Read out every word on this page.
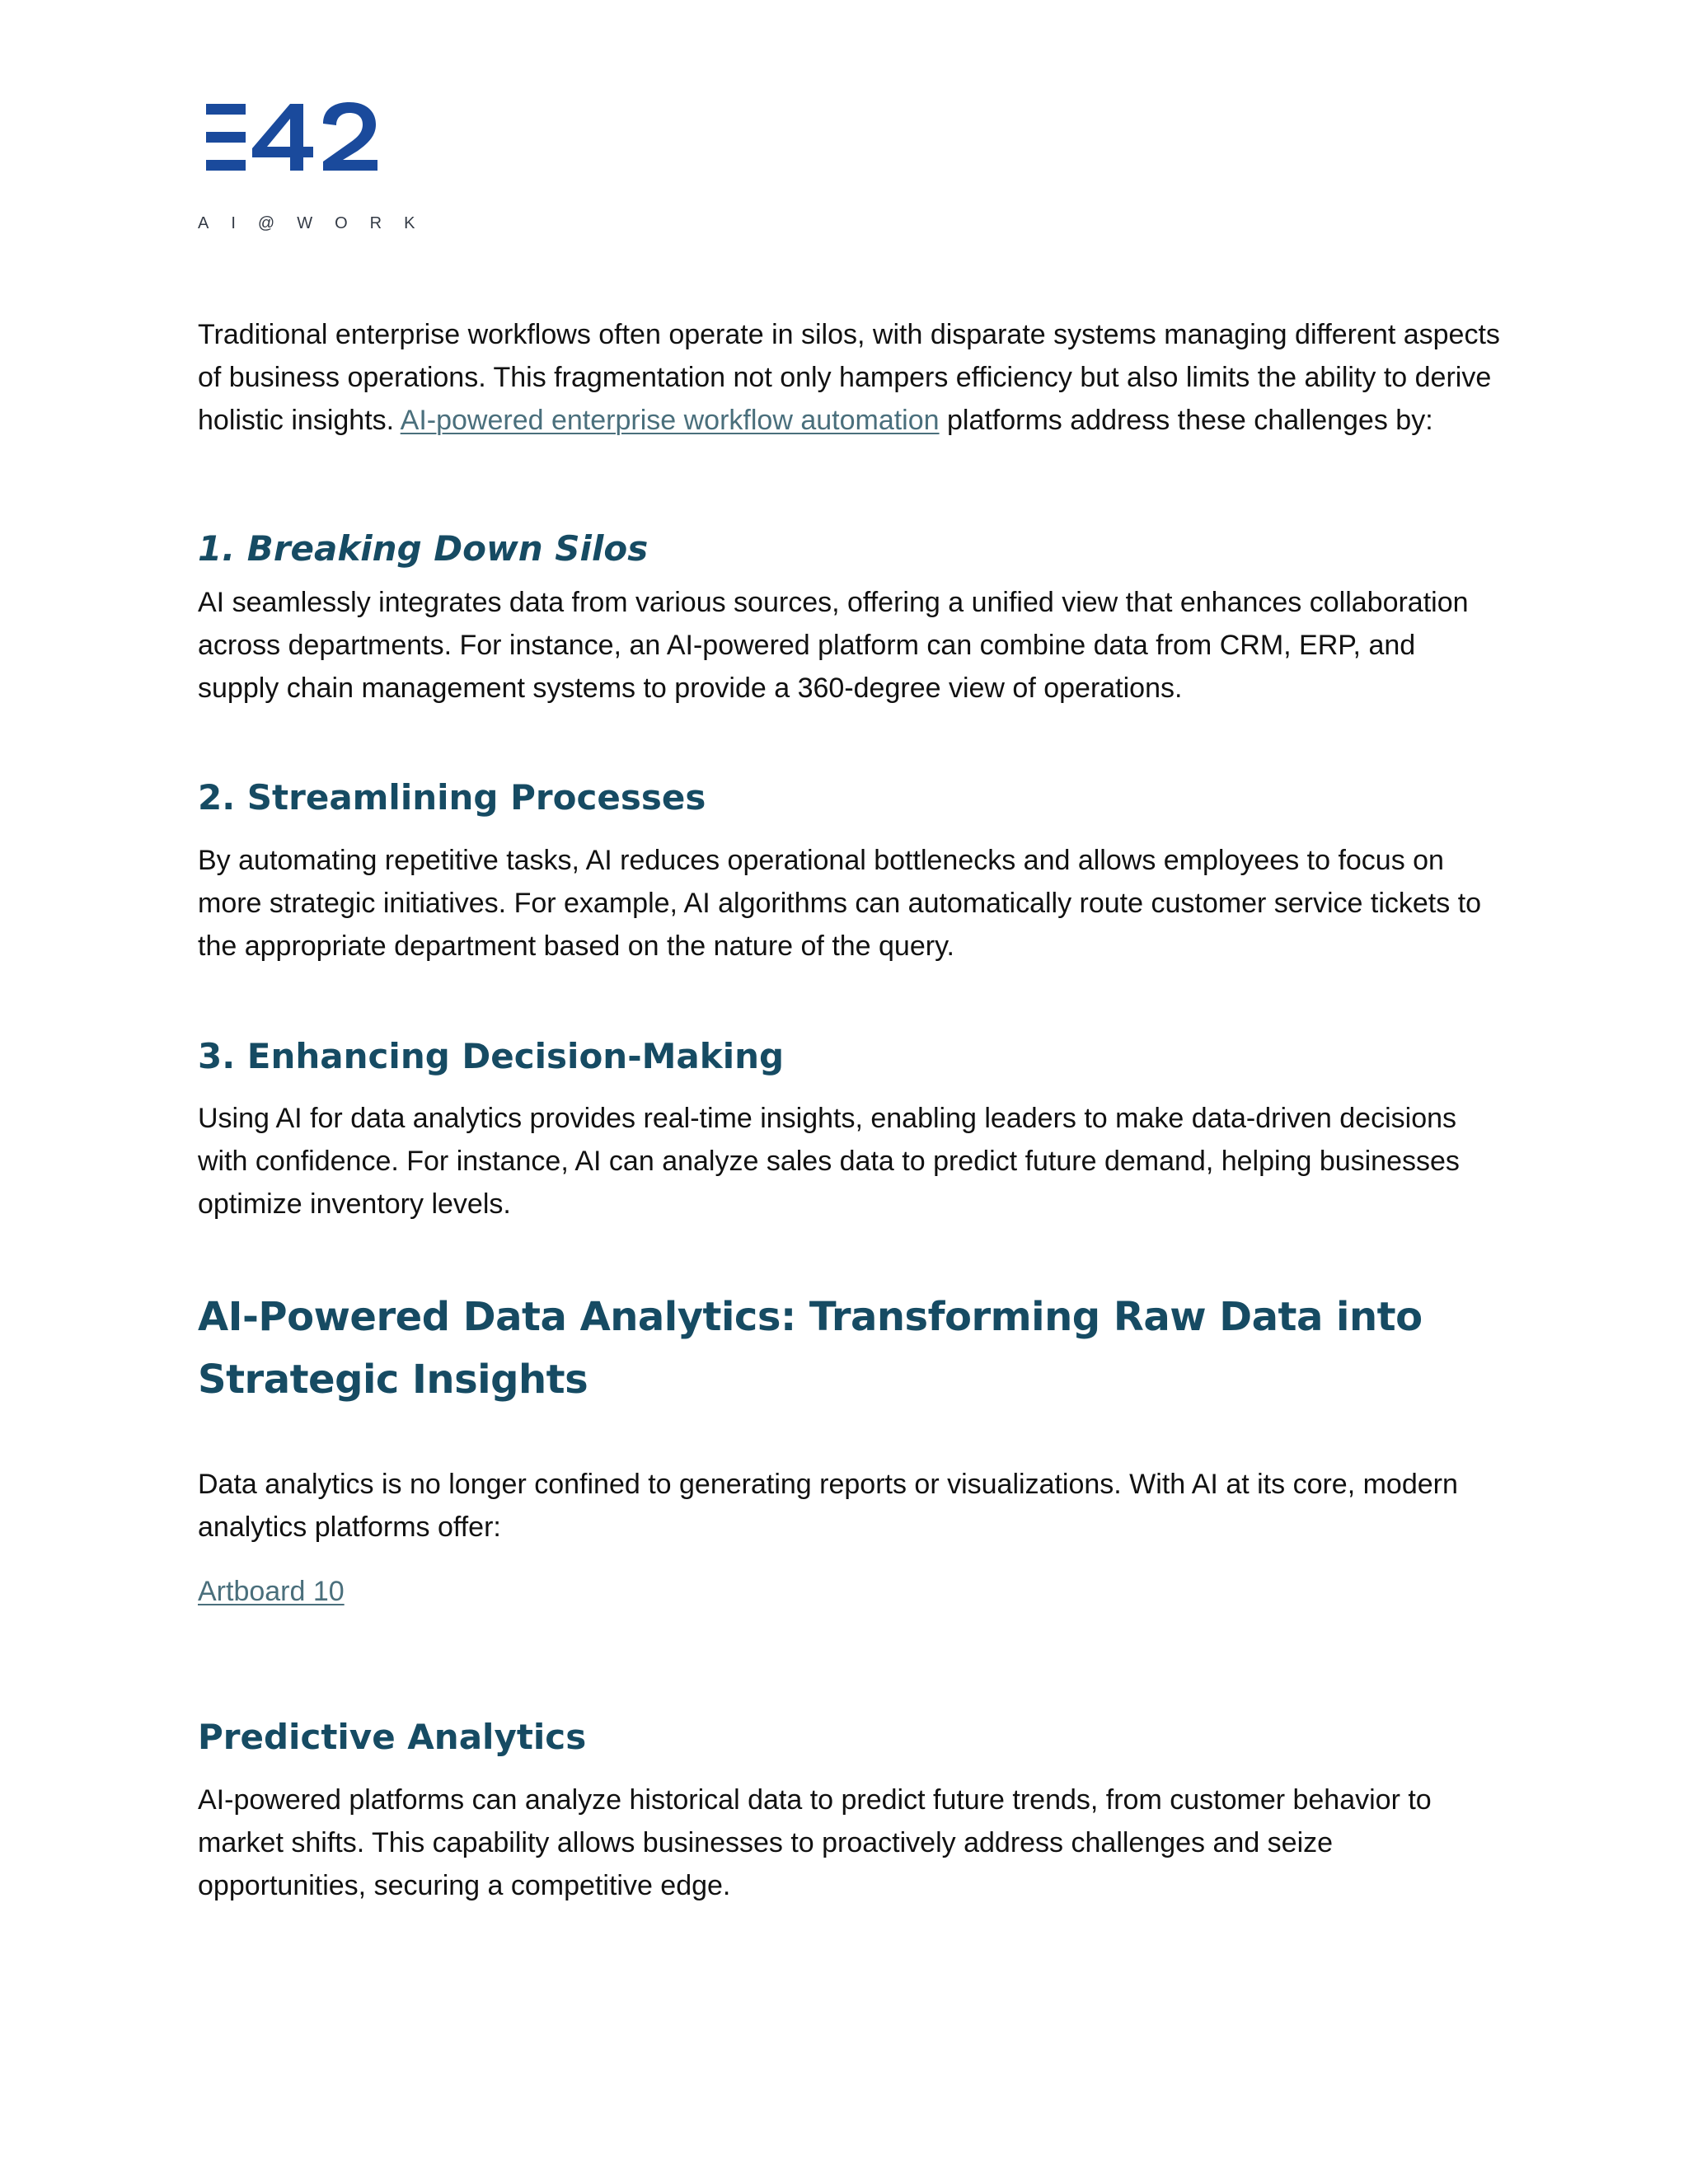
AI@WORK

Traditional enterprise workflows often operate in silos, with disparate systems managing different aspects of business operations. This fragmentation not only hampers efficiency but also limits the ability to derive holistic insights. AI-powered enterprise workflow automation platforms address these challenges by:

1. Breaking Down Silos

AI seamlessly integrates data from various sources, offering a unified view that enhances collaboration across departments. For instance, an AI-powered platform can combine data from CRM, ERP, and supply chain management systems to provide a 360-degree view of operations.

2. Streamlining Processes

By automating repetitive tasks, AI reduces operational bottlenecks and allows employees to focus on more strategic initiatives. For example, AI algorithms can automatically route customer service tickets to the appropriate department based on the nature of the query.

3. Enhancing Decision-Making

Using AI for data analytics provides real-time insights, enabling leaders to make data-driven decisions with confidence. For instance, AI can analyze sales data to predict future demand, helping businesses optimize inventory levels.

AI-Powered Data Analytics: Transforming Raw Data into Strategic Insights

Data analytics is no longer confined to generating reports or visualizations. With AI at its core, modern analytics platforms offer:

Artboard 10

Predictive Analytics

AI-powered platforms can analyze historical data to predict future trends, from customer behavior to market shifts. This capability allows businesses to proactively address challenges and seize opportunities, securing a competitive edge.
